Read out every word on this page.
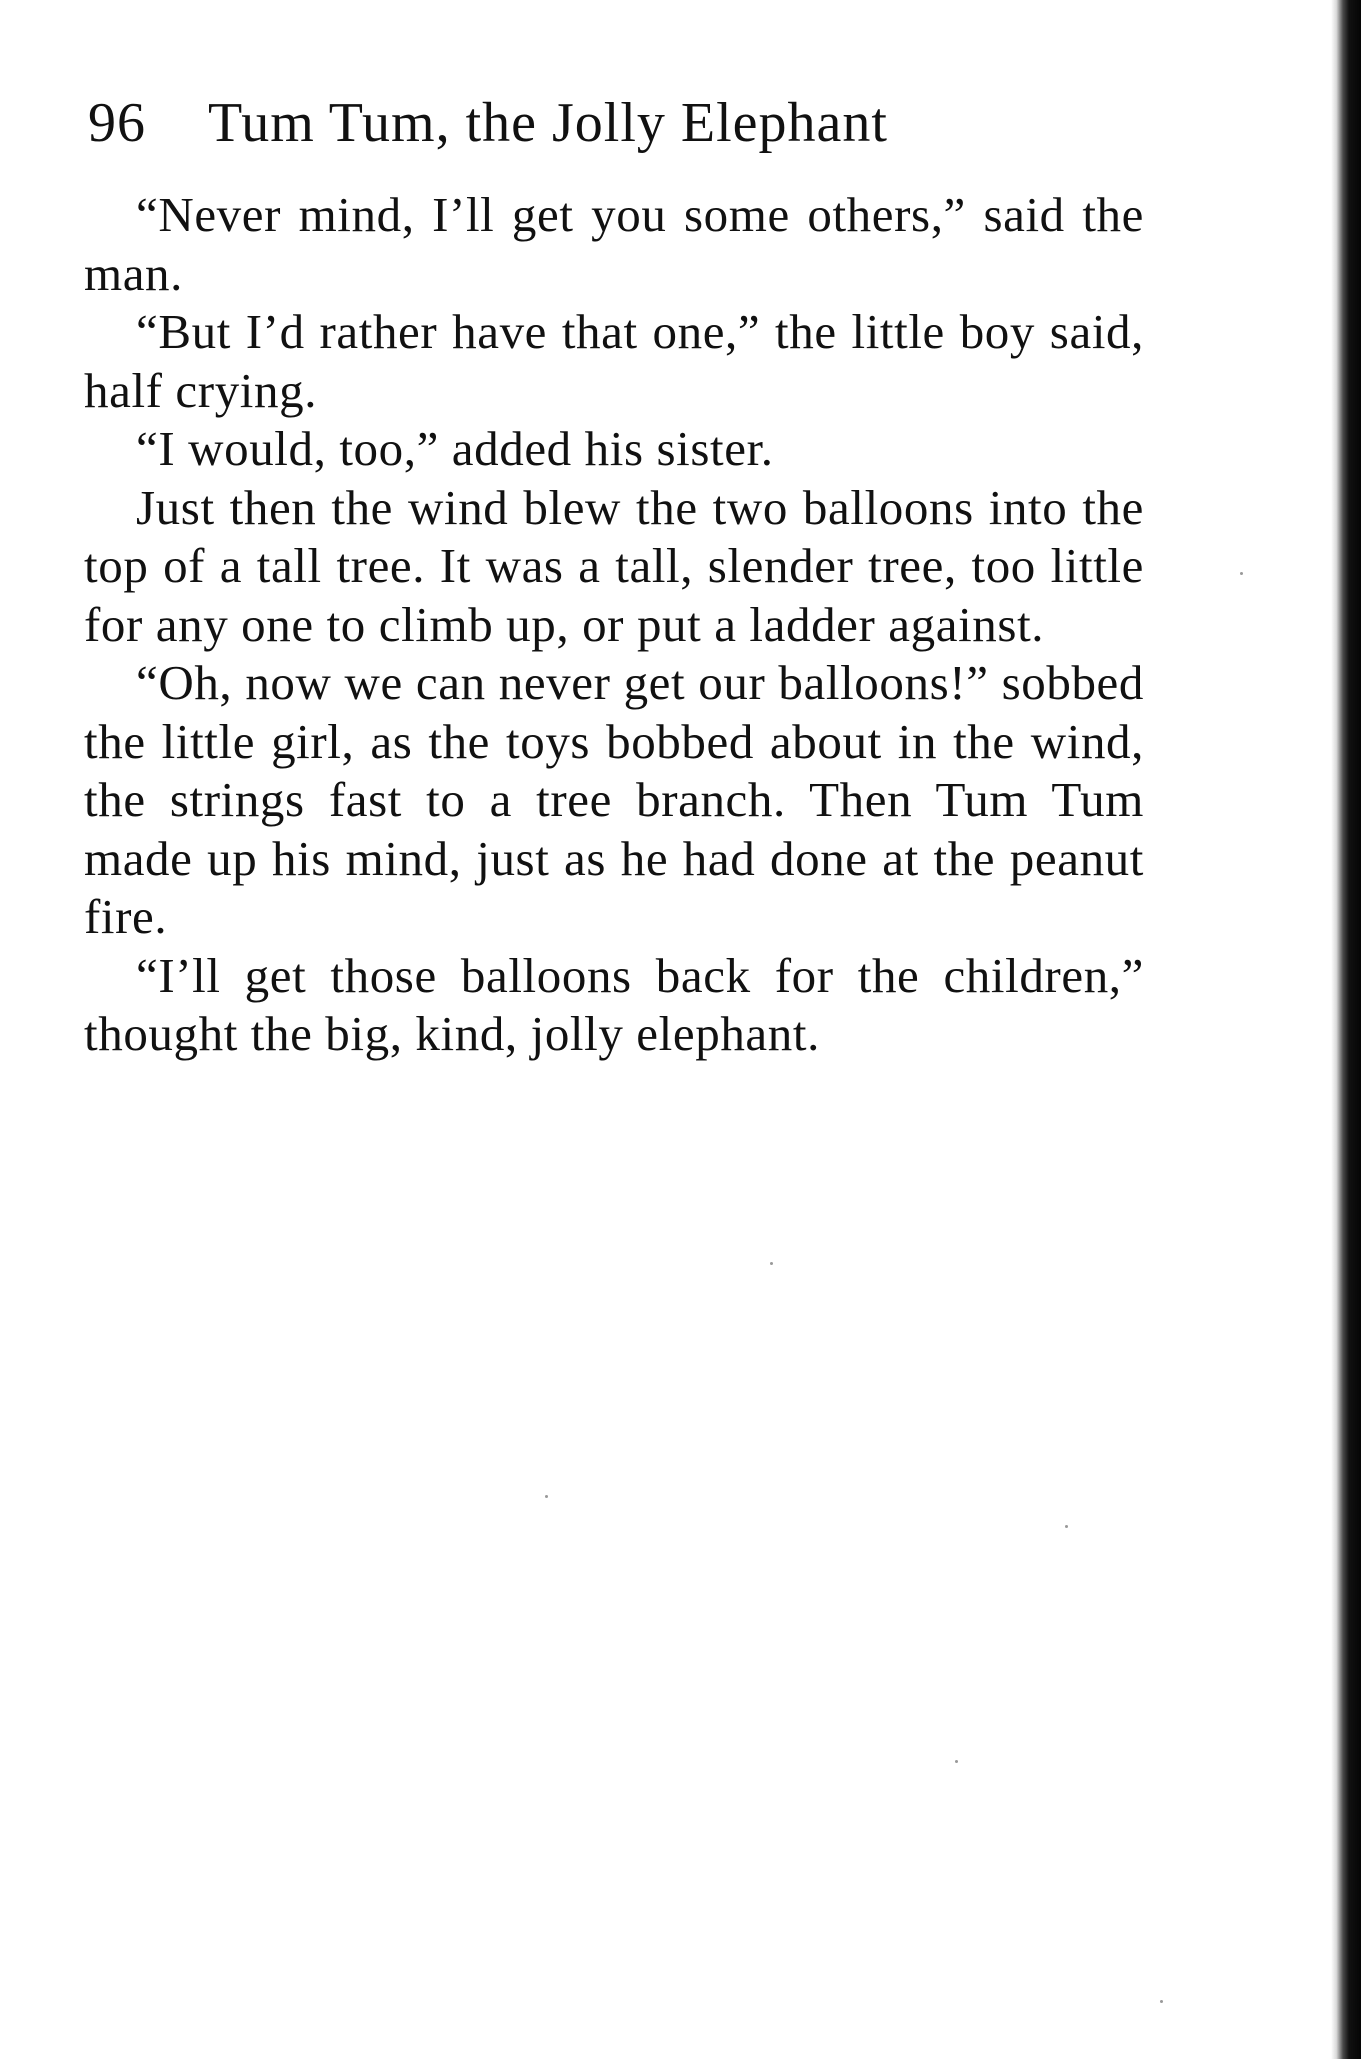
96 Tum Tum, the Jolly Elephant

“Never mind, I’ll get you some others,” said the man.

“But I’d rather have that one,” the little boy said, half crying.

“I would, too,” added his sister.

Just then the wind blew the two balloons into the top of a tall tree. It was a tall, slender tree, too little for any one to climb up, or put a ladder against.

“Oh, now we can never get our balloons!” sobbed the little girl, as the toys bobbed about in the wind, the strings fast to a tree branch. Then Tum Tum made up his mind, just as he had done at the peanut fire.

“I’ll get those balloons back for the children,” thought the big, kind, jolly elephant.
